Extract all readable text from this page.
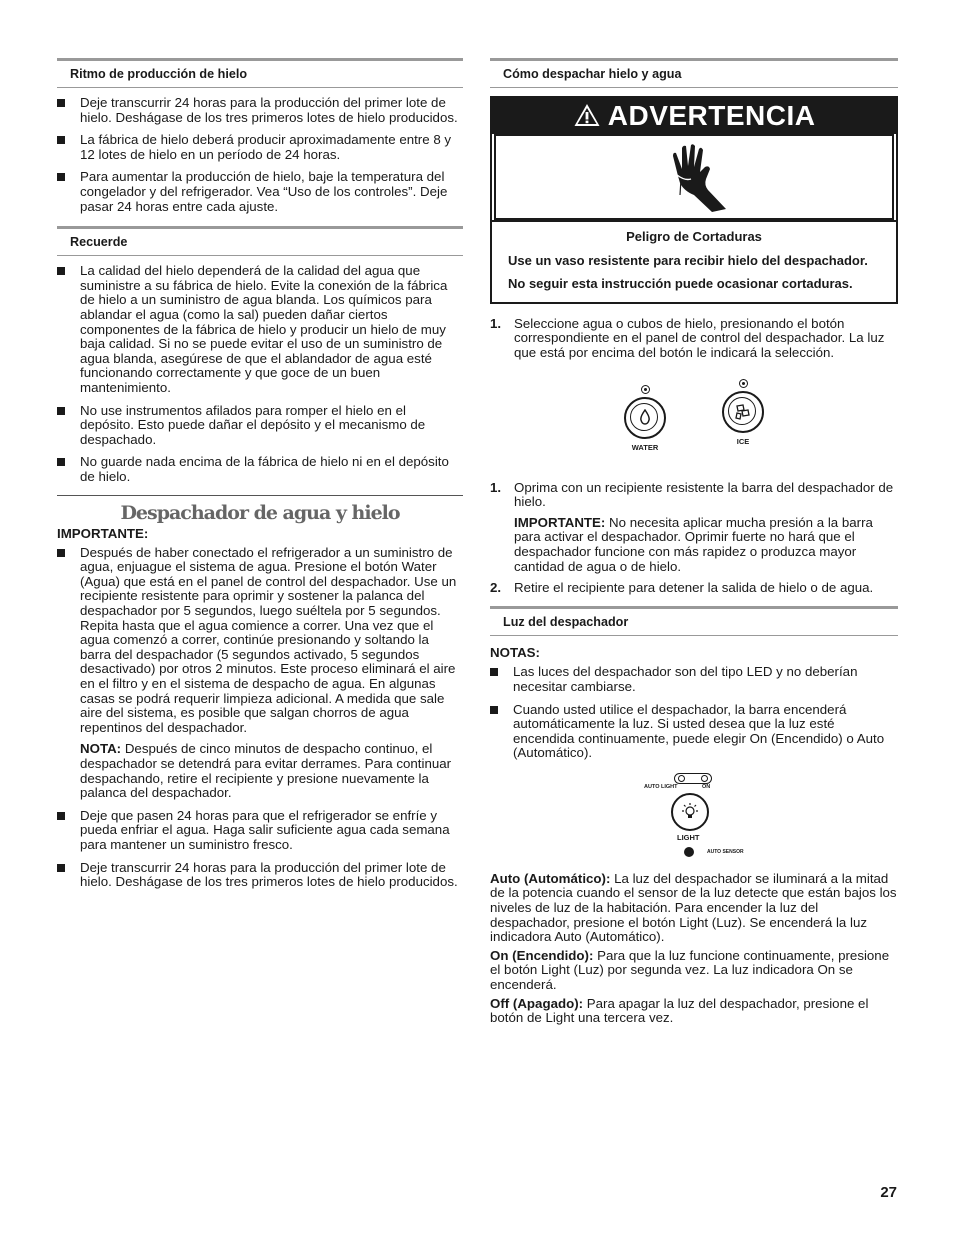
Ritmo de producción de hielo
Deje transcurrir 24 horas para la producción del primer lote de hielo. Deshágase de los tres primeros lotes de hielo producidos.
La fábrica de hielo deberá producir aproximadamente entre 8 y 12 lotes de hielo en un período de 24 horas.
Para aumentar la producción de hielo, baje la temperatura del congelador y del refrigerador. Vea “Uso de los controles”. Deje pasar 24 horas entre cada ajuste.
Recuerde
La calidad del hielo dependerá de la calidad del agua que suministre a su fábrica de hielo. Evite la conexión de la fábrica de hielo a un suministro de agua blanda. Los químicos para ablandar el agua (como la sal) pueden dañar ciertos componentes de la fábrica de hielo y producir un hielo de muy baja calidad. Si no se puede evitar el uso de un suministro de agua blanda, asegúrese de que el ablandador de agua esté funcionando correctamente y que goce de un buen mantenimiento.
No use instrumentos afilados para romper el hielo en el depósito. Esto puede dañar el depósito y el mecanismo de despachado.
No guarde nada encima de la fábrica de hielo ni en el depósito de hielo.
Despachador de agua y hielo
IMPORTANTE:
Después de haber conectado el refrigerador a un suministro de agua, enjuague el sistema de agua. Presione el botón Water (Agua) que está en el panel de control del despachador. Use un recipiente resistente para oprimir y sostener la palanca del despachador por 5 segundos, luego suéltela por 5 segundos. Repita hasta que el agua comience a correr. Una vez que el agua comenzó a correr, continúe presionando y soltando la barra del despachador (5 segundos activado, 5 segundos desactivado) por otros 2 minutos. Este proceso eliminará el aire en el filtro y en el sistema de despacho de agua. En algunas casas se podrá requerir limpieza adicional. A medida que sale aire del sistema, es posible que salgan chorros de agua repentinos del despachador.
NOTA: Después de cinco minutos de despacho continuo, el despachador se detendrá para evitar derrames. Para continuar despachando, retire el recipiente y presione nuevamente la palanca del despachador.
Deje que pasen 24 horas para que el refrigerador se enfríe y pueda enfriar el agua. Haga salir suficiente agua cada semana para mantener un suministro fresco.
Deje transcurrir 24 horas para la producción del primer lote de hielo. Deshágase de los tres primeros lotes de hielo producidos.
Cómo despachar hielo y agua
ADVERTENCIA
Peligro de Cortaduras
Use un vaso resistente para recibir hielo del despachador.
No seguir esta instrucción puede ocasionar cortaduras.
1. Seleccione agua o cubos de hielo, presionando el botón correspondiente en el panel de control del despachador. La luz que está por encima del botón le indicará la selección.
WATER
ICE
1. Oprima con un recipiente resistente la barra del despachador de hielo.
IMPORTANTE: No necesita aplicar mucha presión a la barra para activar el despachador. Oprimir fuerte no hará que el despachador funcione con más rapidez o produzca mayor cantidad de agua o de hielo.
2. Retire el recipiente para detener la salida de hielo o de agua.
Luz del despachador
NOTAS:
Las luces del despachador son del tipo LED y no deberían necesitar cambiarse.
Cuando usted utilice el despachador, la barra encenderá automáticamente la luz. Si usted desea que la luz esté encendida continuamente, puede elegir On (Encendido) o Auto (Automático).
AUTO LIGHT	ON
LIGHT
AUTO SENSOR
Auto (Automático): La luz del despachador se iluminará a la mitad de la potencia cuando el sensor de la luz detecte que están bajos los niveles de luz de la habitación. Para encender la luz del despachador, presione el botón Light (Luz). Se encenderá la luz indicadora Auto (Automático).
On (Encendido): Para que la luz funcione continuamente, presione el botón Light (Luz) por segunda vez. La luz indicadora On se encenderá.
Off (Apagado): Para apagar la luz del despachador, presione el botón de Light una tercera vez.
27
